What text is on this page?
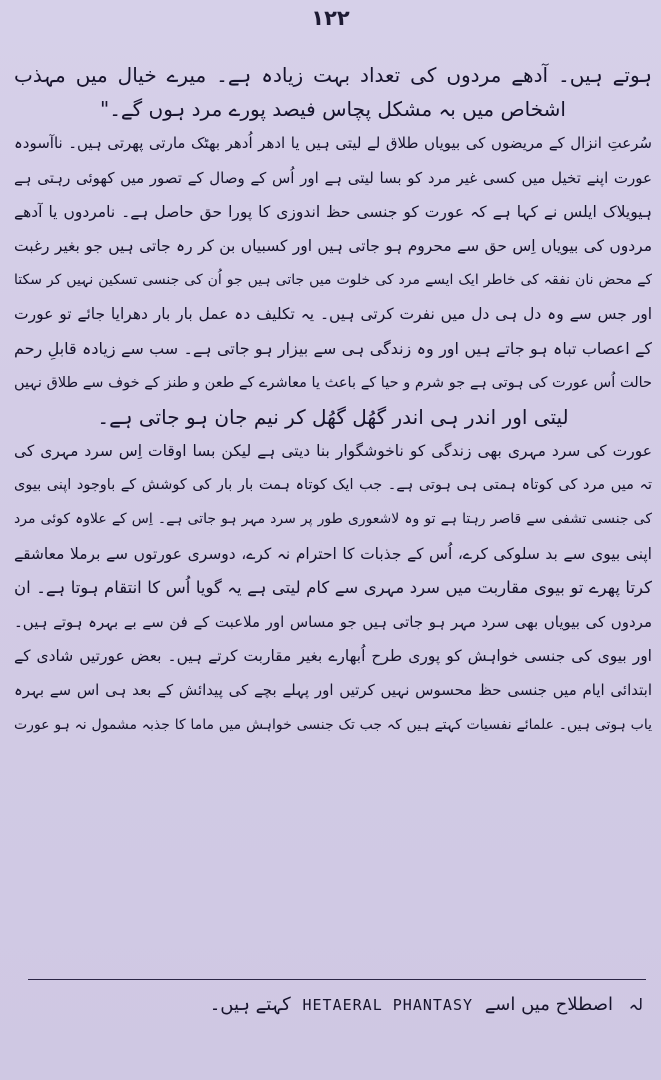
۱۲۲
ہوتے ہیں۔ آدھے مردوں کی تعداد بہت زیادہ ہے۔ میرے خیال میں مہذب
اشخاص میں بہ مشکل پچاس فیصد پورے مرد ہوں گے۔"
سُرعتِ انزال کے مریضوں کی بیویاں طلاق لے لیتی ہیں یا ادھر اُدھر بھٹک مارتی پھرتی ہیں۔ ناآسودہ
عورت اپنے تخیل میں کسی غیر مرد کو بسا لیتی ہے اور اُس کے وصال کے تصور میں کھوئی رہتی ہے
ہیویلاک ایلس نے کہا ہے کہ عورت کو جنسی حظ اندوزی کا پورا حق حاصل ہے۔ نامردوں یا آدھے
مردوں کی بیویاں اِس حق سے محروم ہو جاتی ہیں اور کسبیاں بن کر رہ جاتی ہیں جو بغیر رغبت
کے محض نان نفقہ کی خاطر ایک ایسے مرد کی خلوت میں جاتی ہیں جو اُن کی جنسی تسکین نہیں کر سکتا
اور جس سے وہ دل ہی دل میں نفرت کرتی ہیں۔ یہ تکلیف دہ عمل بار بار دھرایا جائے تو عورت
کے اعصاب تباہ ہو جاتے ہیں اور وہ زندگی ہی سے بیزار ہو جاتی ہے۔ سب سے زیادہ قابلِ رحم
حالت اُس عورت کی ہوتی ہے جو شرم و حیا کے باعث یا معاشرے کے طعن و طنز کے خوف سے طلاق نہیں
لیتی اور اندر ہی اندر گھُل گھُل کر نیم جان ہو جاتی ہے۔
عورت کی سرد مہری بھی زندگی کو ناخوشگوار بنا دیتی ہے لیکن بسا اوقات اِس سرد مہری کی
تہ میں مرد کی کوتاہ ہمتی ہی ہوتی ہے۔ جب ایک کوتاہ ہمت بار بار کی کوشش کے باوجود اپنی بیوی
کی جنسی تشفی سے قاصر رہتا ہے تو وہ لاشعوری طور پر سرد مہر ہو جاتی ہے۔ اِس کے علاوہ کوئی مرد
اپنی بیوی سے بد سلوکی کرے، اُس کے جذبات کا احترام نہ کرے، دوسری عورتوں سے برملا معاشقے
کرتا پھرے تو بیوی مقاربت میں سرد مہری سے کام لیتی ہے یہ گویا اُس کا انتقام ہوتا ہے۔ ان
مردوں کی بیویاں بھی سرد مہر ہو جاتی ہیں جو مساس اور ملاعبت کے فن سے بے بہرہ ہوتے ہیں۔
اور بیوی کی جنسی خواہش کو پوری طرح اُبھارے بغیر مقاربت کرتے ہیں۔ بعض عورتیں شادی کے
ابتدائی ایام میں جنسی حظ محسوس نہیں کرتیں اور پہلے بچے کی پیدائش کے بعد ہی اس سے بہرہ
یاب ہوتی ہیں۔ علمائے نفسیات کہتے ہیں کہ جب تک جنسی خواہش میں ماما کا جذبہ مشمول نہ ہو عورت
لہ اصطلاح میں اسے HETAERAL PHANTASY کہتے ہیں۔
